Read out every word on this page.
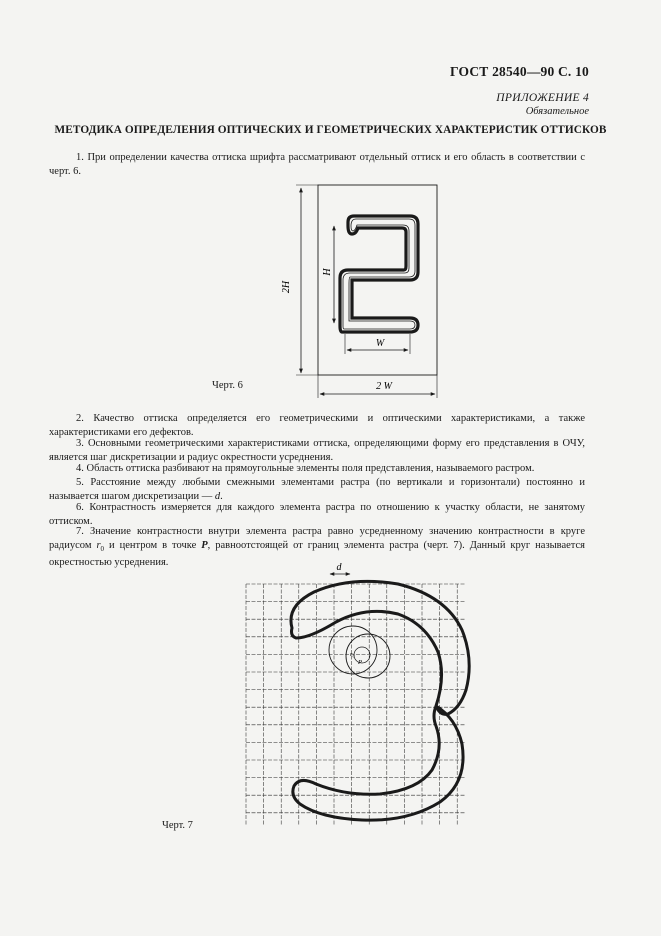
ГОСТ 28540—90 С. 10
ПРИЛОЖЕНИЕ 4
Обязательное
МЕТОДИКА ОПРЕДЕЛЕНИЯ ОПТИЧЕСКИХ И ГЕОМЕТРИЧЕСКИХ ХАРАКТЕРИСТИК ОТТИСКОВ
1. При определении качества оттиска шрифта рассматривают отдельный оттиск и его область в соответствии с черт. 6.
Черт. 6
2. Качество оттиска определяется его геометрическими и оптическими характеристиками, а также характеристиками его дефектов.
3. Основными геометрическими характеристиками оттиска, определяющими форму его представления в ОЧУ, является шаг дискретизации и радиус окрестности усреднения.
4. Область оттиска разбивают на прямоугольные элементы поля представления, называемого растром.
5. Расстояние между любыми смежными элементами растра (по вертикали и горизонтали) постоянно и называется шагом дискретизации — d.
6. Контрастность измеряется для каждого элемента растра по отношению к участку области, не занятому оттиском.
7. Значение контрастности внутри элемента растра равно усредненному значению контрастности в круге радиусом $r_0$ и центром в точке P, равноотстоящей от границ элемента растра (черт. 7). Данный круг называется окрестностью усреднения.
Черт. 7
2H
H
W
2 W
d
r₀
P
